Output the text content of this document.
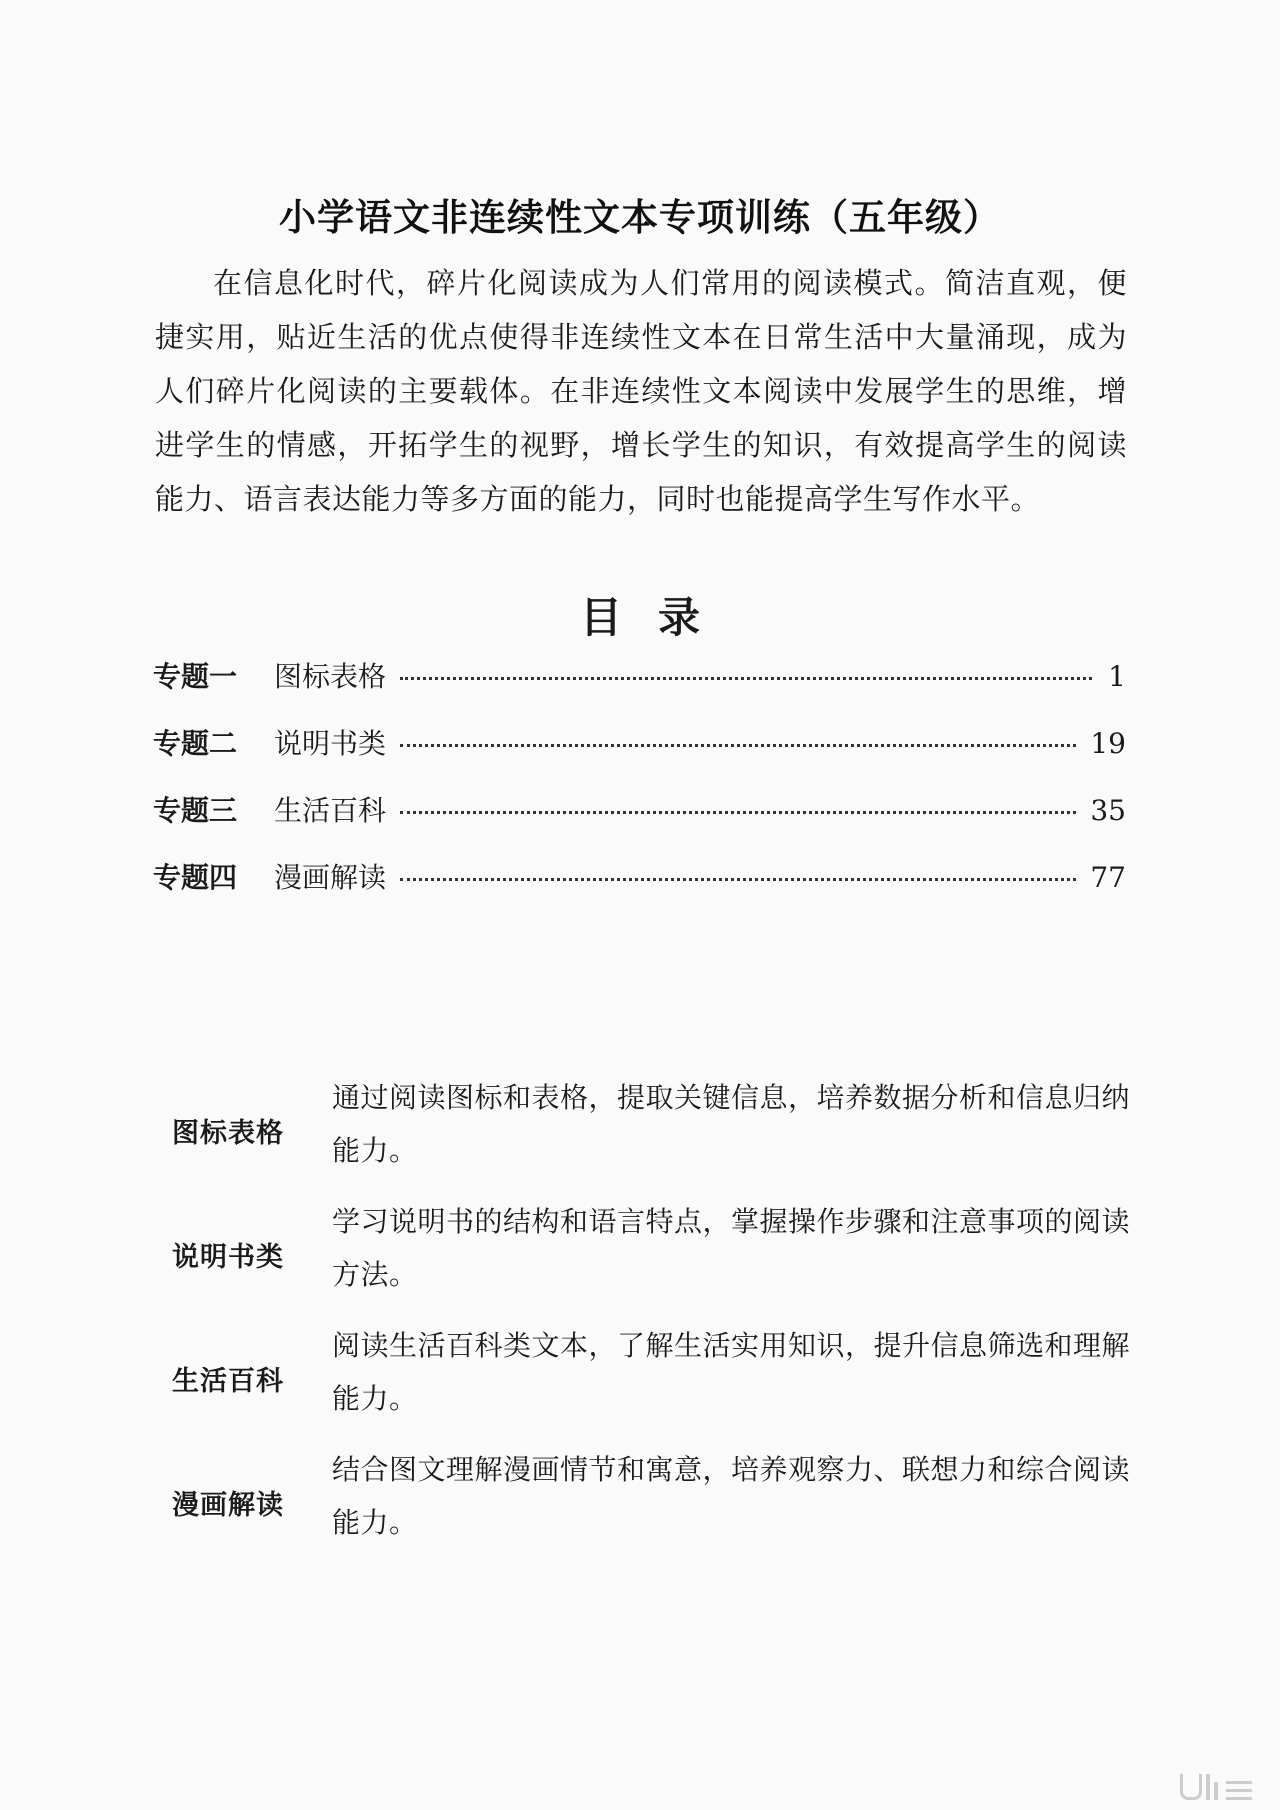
小学语文非连续性文本专项训练（五年级）

在信息化时代，碎片化阅读成为人们常用的阅读模式。简洁直观，便捷实用，贴近生活的优点使得非连续性文本在日常生活中大量涌现，成为人们碎片化阅读的主要载体。在非连续性文本阅读中发展学生的思维，增进学生的情感，开拓学生的视野，增长学生的知识，有效提高学生的阅读能力、语言表达能力等多方面的能力，同时也能提高学生写作水平。

目录
专题一	图标表格	1
专题二	说明书类	19
专题三	生活百科	35
专题四	漫画解读	77
图标表格
通过阅读图标和表格，提取关键信息，培养数据分析和信息归纳能力。
说明书类
学习说明书的结构和语言特点，掌握操作步骤和注意事项的阅读方法。
生活百科
阅读生活百科类文本，了解生活实用知识，提升信息筛选和理解能力。
漫画解读
结合图文理解漫画情节和寓意，培养观察力、联想力和综合阅读能力。
